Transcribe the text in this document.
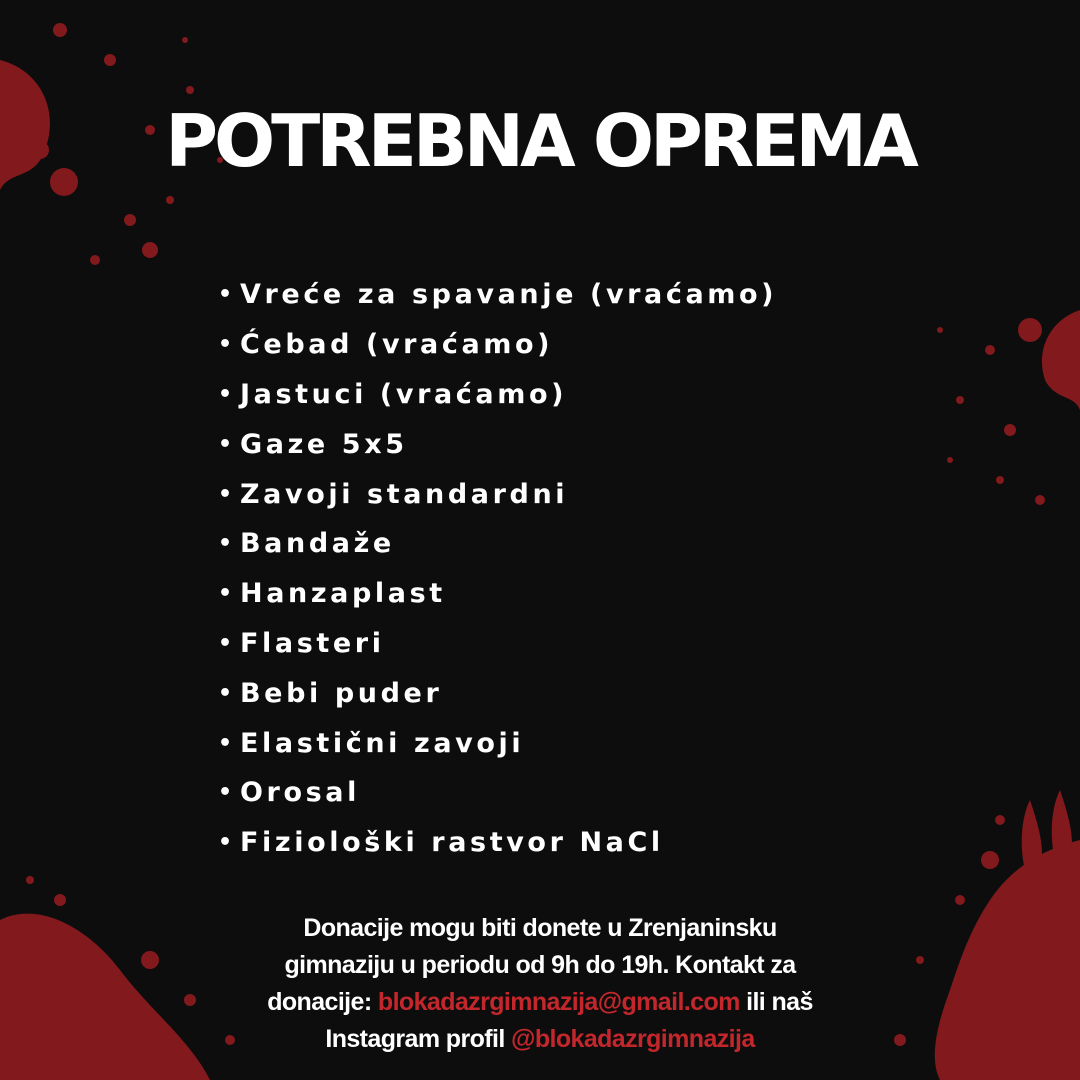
POTREBNA OPREMA
• Vreće za spavanje (vraćamo)
• Ćebad (vraćamo)
• Jastuci (vraćamo)
• Gaze 5x5
• Zavoji standardni
• Bandaže
• Hanzaplast
• Flasteri
• Bebi puder
• Elastični zavoji
• Orosal
• Fiziološki rastvor NaCl
Donacije mogu biti donete u Zrenjaninsku
gimnaziju u periodu od 9h do 19h. Kontakt za
donacije: blokadazrgimnazija@gmail.com ili naš
Instagram profil @blokadazrgimnazija
